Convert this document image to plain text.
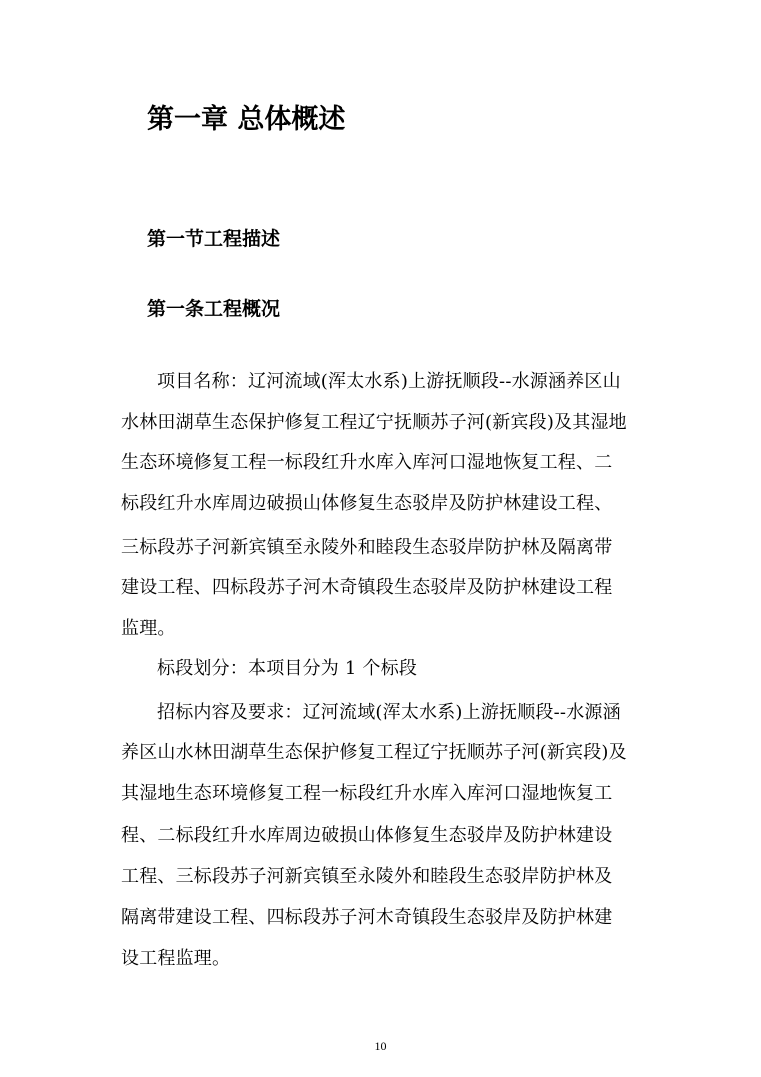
第一章 总体概述
第一节工程描述
第一条工程概况
项目名称：辽河流域(浑太水系)上游抚顺段--水源涵养区山
水林田湖草生态保护修复工程辽宁抚顺苏子河(新宾段)及其湿地
生态环境修复工程一标段红升水库入库河口湿地恢复工程、二
标段红升水库周边破损山体修复生态驳岸及防护林建设工程、
三标段苏子河新宾镇至永陵外和睦段生态驳岸防护林及隔离带
建设工程、四标段苏子河木奇镇段生态驳岸及防护林建设工程
监理。
标段划分：本项目分为 1 个标段
招标内容及要求：辽河流域(浑太水系)上游抚顺段--水源涵
养区山水林田湖草生态保护修复工程辽宁抚顺苏子河(新宾段)及
其湿地生态环境修复工程一标段红升水库入库河口湿地恢复工
程、二标段红升水库周边破损山体修复生态驳岸及防护林建设
工程、三标段苏子河新宾镇至永陵外和睦段生态驳岸防护林及
隔离带建设工程、四标段苏子河木奇镇段生态驳岸及防护林建
设工程监理。
10
